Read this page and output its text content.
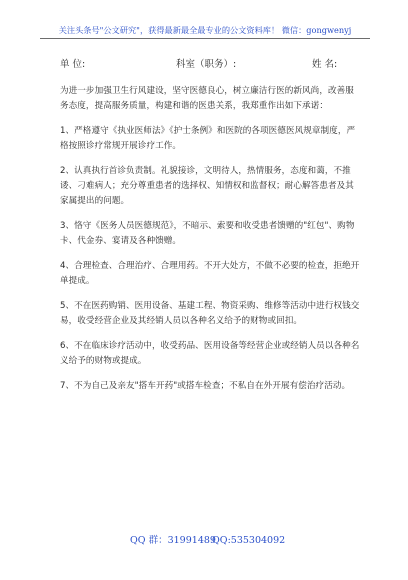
关注头条号"公文研究"，获得最新最全最专业的公文资料库！ 微信：gongwenyj
单 位:	科室（职务）:	姓 名:

为进一步加强卫生行风建设，坚守医德良心，树立廉洁行医的新风尚，改善服务态度，提高服务质量，构建和谐的医患关系，我郑重作出如下承诺：

1、严格遵守《执业医师法》《护士条例》和医院的各项医德医风规章制度，严格按照诊疗常规开展诊疗工作。

2、认真执行首诊负责制。礼貌接诊，文明待人，热情服务，态度和蔼，不推诿、刁难病人；充分尊重患者的选择权、知情权和监督权；耐心解答患者及其家属提出的问题。

3、恪守《医务人员医德规范》，不暗示、索要和收受患者馈赠的"红包"、购物卡、代金券、宴请及各种馈赠。

4、合理检查、合理治疗、合理用药。不开大处方，不做不必要的检查，拒绝开单提成。

5、不在医药购销、医用设备、基建工程、物资采购、维修等活动中进行权钱交易，收受经营企业及其经销人员以各种名义给予的财物或回扣。

6、不在临床诊疗活动中，收受药品、医用设备等经营企业或经销人员以各种名义给予的财物或提成。

7、不为自己及亲友"搭车开药"或搭车检查；不私自在外开展有偿治疗活动。

QQ 群：31991489
QQ:535304092
